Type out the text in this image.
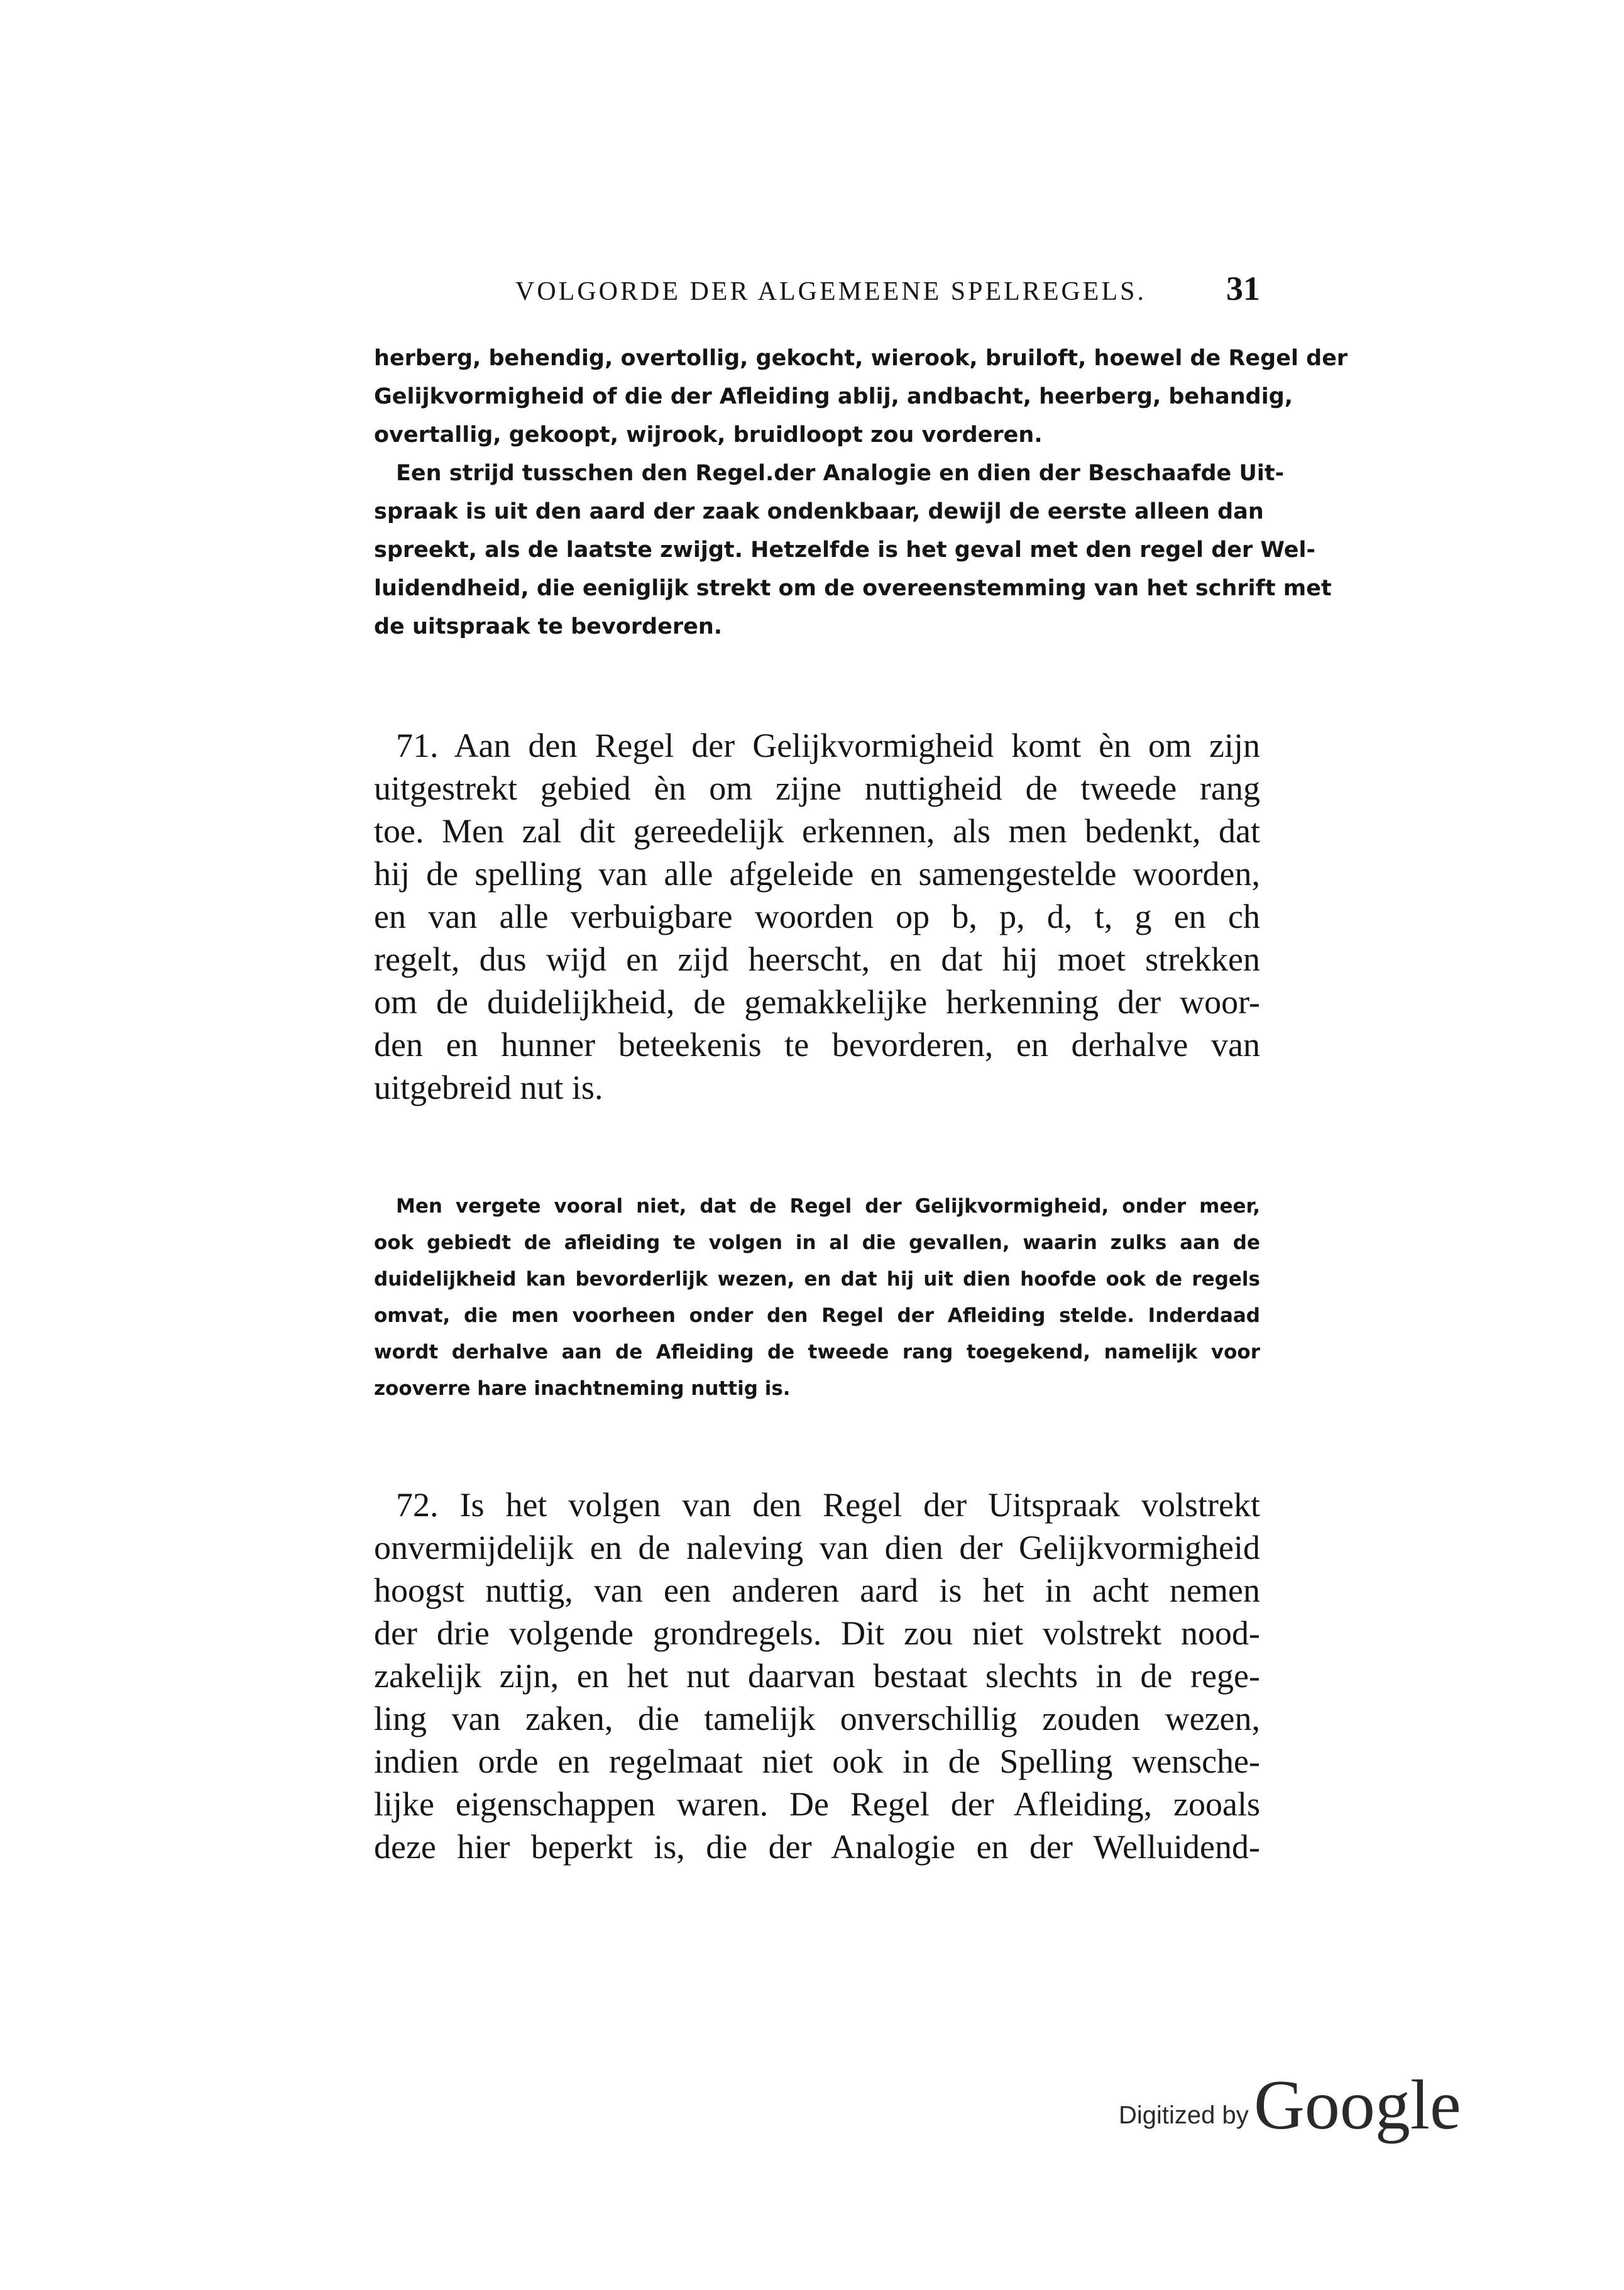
VOLGORDE DER ALGEMEENE SPELREGELS. 31
herberg, behendig, overtollig, gekocht, wierook, bruiloft, hoewel de Regel der
Gelijkvormigheid of die der Afleiding ablij, andbacht, heerberg, behandig,
overtallig, gekoopt, wijrook, bruidloopt zou vorderen.
Een strijd tusschen den Regel.der Analogie en dien der Beschaafde Uit-
spraak is uit den aard der zaak ondenkbaar, dewijl de eerste alleen dan
spreekt, als de laatste zwijgt. Hetzelfde is het geval met den regel der Wel-
luidendheid, die eeniglijk strekt om de overeenstemming van het schrift met
de uitspraak te bevorderen.
71. Aan den Regel der Gelijkvormigheid komt èn om zijn
uitgestrekt gebied èn om zijne nuttigheid de tweede rang
toe. Men zal dit gereedelijk erkennen, als men bedenkt, dat
hij de spelling van alle afgeleide en samengestelde woorden,
en van alle verbuigbare woorden op b, p, d, t, g en ch
regelt, dus wijd en zijd heerscht, en dat hij moet strekken
om de duidelijkheid, de gemakkelijke herkenning der woor-
den en hunner beteekenis te bevorderen, en derhalve van
uitgebreid nut is.
Men vergete vooral niet, dat de Regel der Gelijkvormigheid, onder meer,
ook gebiedt de afleiding te volgen in al die gevallen, waarin zulks aan de
duidelijkheid kan bevorderlijk wezen, en dat hij uit dien hoofde ook de regels
omvat, die men voorheen onder den Regel der Afleiding stelde. Inderdaad
wordt derhalve aan de Afleiding de tweede rang toegekend, namelijk voor
zooverre hare inachtneming nuttig is.
72. Is het volgen van den Regel der Uitspraak volstrekt
onvermijdelijk en de naleving van dien der Gelijkvormigheid
hoogst nuttig, van een anderen aard is het in acht nemen
der drie volgende grondregels. Dit zou niet volstrekt nood-
zakelijk zijn, en het nut daarvan bestaat slechts in de rege-
ling van zaken, die tamelijk onverschillig zouden wezen,
indien orde en regelmaat niet ook in de Spelling wensche-
lijke eigenschappen waren. De Regel der Afleiding, zooals
deze hier beperkt is, die der Analogie en der Welluidend-
Digitized by Google
